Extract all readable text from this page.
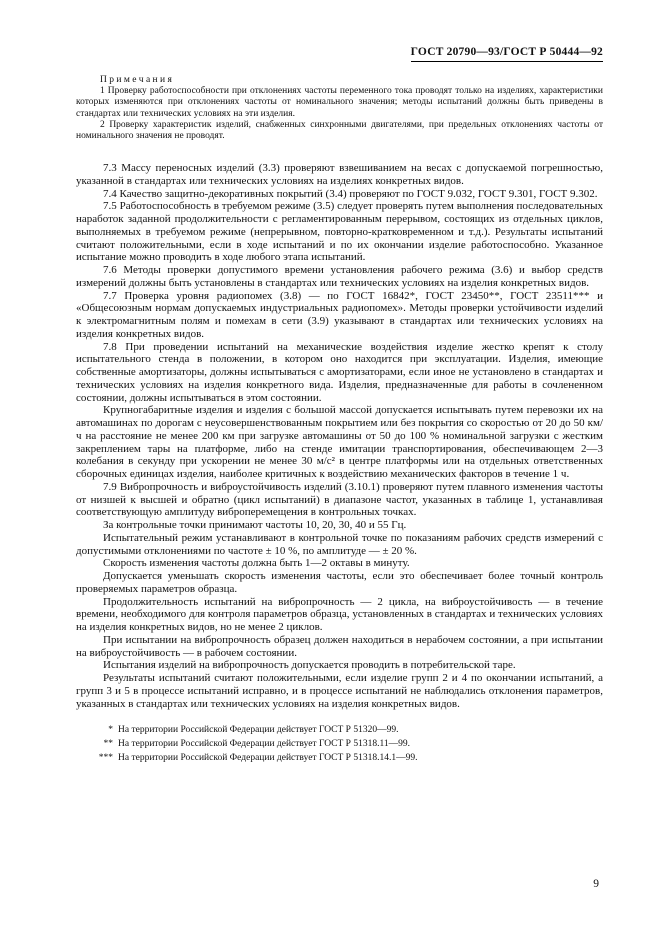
ГОСТ 20790—93/ГОСТ Р 50444—92

П р и м е ч а н и я

1 Проверку работоспособности при отклонениях частоты переменного тока проводят только на изделиях, характеристики которых изменяются при отклонениях частоты от номинального значения; методы испытаний должны быть приведены в стандартах или технических условиях на эти изделия.

2 Проверку характеристик изделий, снабженных синхронными двигателями, при предельных отклонениях частоты от номинального значения не проводят.

7.3 Массу переносных изделий (3.3) проверяют взвешиванием на весах с допускаемой погрешностью, указанной в стандартах или технических условиях на изделиях конкретных видов.

7.4 Качество защитно-декоративных покрытий (3.4) проверяют по ГОСТ 9.032, ГОСТ 9.301, ГОСТ 9.302.

7.5 Работоспособность в требуемом режиме (3.5) следует проверять путем выполнения последовательных наработок заданной продолжительности с регламентированным перерывом, состоящих из отдельных циклов, выполняемых в требуемом режиме (непрерывном, повторно-кратковременном и т.д.). Результаты испытаний считают положительными, если в ходе испытаний и по их окончании изделие работоспособно. Указанное испытание можно проводить в ходе любого этапа испытаний.

7.6 Методы проверки допустимого времени установления рабочего режима (3.6) и выбор средств измерений должны быть установлены в стандартах или технических условиях на изделия конкретных видов.

7.7 Проверка уровня радиопомех (3.8) — по ГОСТ 16842*, ГОСТ 23450**, ГОСТ 23511*** и «Общесоюзным нормам допускаемых индустриальных радиопомех». Методы проверки устойчивости изделий к электромагнитным полям и помехам в сети (3.9) указывают в стандартах или технических условиях на изделия конкретных видов.

7.8 При проведении испытаний на механические воздействия изделие жестко крепят к столу испытательного стенда в положении, в котором оно находится при эксплуатации. Изделия, имеющие собственные амортизаторы, должны испытываться с амортизаторами, если иное не установлено в стандартах и технических условиях на изделия конкретного вида. Изделия, предназначенные для работы в сочлененном состоянии, должны испытываться в этом состоянии.

Крупногабаритные изделия и изделия с большой массой допускается испытывать путем перевозки их на автомашинах по дорогам с неусовершенствованным покрытием или без покрытия со скоростью от 20 до 50 км/ч на расстояние не менее 200 км при загрузке автомашины от 50 до 100 % номинальной загрузки с жестким закреплением тары на платформе, либо на стенде имитации транспортирования, обеспечивающем 2—3 колебания в секунду при ускорении не менее 30 м/с² в центре платформы или на отдельных ответственных сборочных единицах изделия, наиболее критичных к воздействию механических факторов в течение 1 ч.

7.9 Вибропрочность и виброустойчивость изделий (3.10.1) проверяют путем плавного изменения частоты от низшей к высшей и обратно (цикл испытаний) в диапазоне частот, указанных в таблице 1, устанавливая соответствующую амплитуду виброперемещения в контрольных точках.

За контрольные точки принимают частоты 10, 20, 30, 40 и 55 Гц.

Испытательный режим устанавливают в контрольной точке по показаниям рабочих средств измерений с допустимыми отклонениями по частоте ± 10 %, по амплитуде — ± 20 %.

Скорость изменения частоты должна быть 1—2 октавы в минуту.

Допускается уменьшать скорость изменения частоты, если это обеспечивает более точный контроль проверяемых параметров образца.

Продолжительность испытаний на вибропрочность — 2 цикла, на виброустойчивость — в течение времени, необходимого для контроля параметров образца, установленных в стандартах и технических условиях на изделия конкретных видов, но не менее 2 циклов.

При испытании на вибропрочность образец должен находиться в нерабочем состоянии, а при испытании на виброустойчивость — в рабочем состоянии.

Испытания изделий на вибропрочность допускается проводить в потребительской таре.

Результаты испытаний считают положительными, если изделие групп 2 и 4 по окончании испытаний, а групп 3 и 5 в процессе испытаний исправно, и в процессе испытаний не наблюдались отклонения параметров, указанных в стандартах или технических условиях на изделия конкретных видов.

* На территории Российской Федерации действует ГОСТ Р 51320—99.
** На территории Российской Федерации действует ГОСТ Р 51318.11—99.
*** На территории Российской Федерации действует ГОСТ Р 51318.14.1—99.
9
